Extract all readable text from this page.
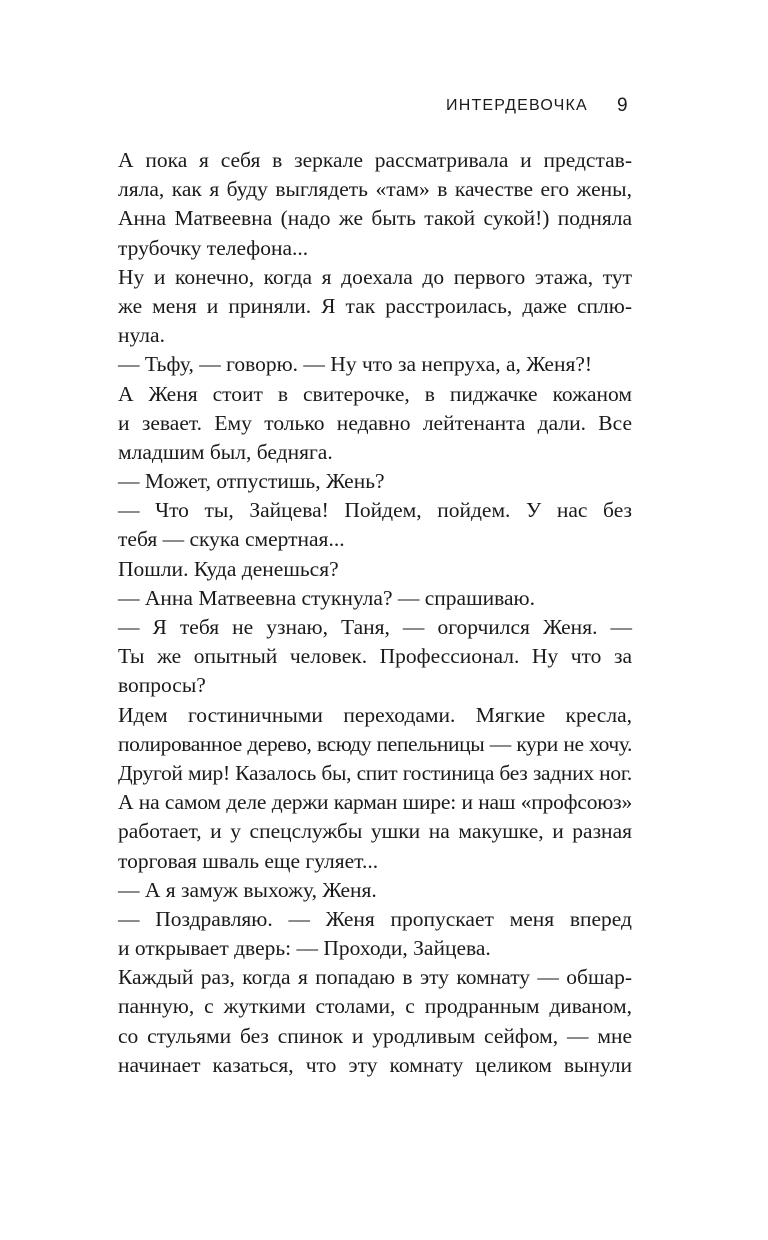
ИНТЕРДЕВОЧКА 9
А пока я себя в зеркале рассматривала и представ-
ляла, как я буду выглядеть «там» в качестве его жены,
Анна Матвеевна (надо же быть такой сукой!) подняла
трубочку телефона...
Ну и конечно, когда я доехала до первого этажа, тут
же меня и приняли. Я так расстроилась, даже сплю-
нула.
— Тьфу, — говорю. — Ну что за непруха, а, Женя?!
А Женя стоит в свитерочке, в пиджачке кожаном
и зевает. Ему только недавно лейтенанта дали. Все
младшим был, бедняга.
— Может, отпустишь, Жень?
— Что ты, Зайцева! Пойдем, пойдем. У нас без
тебя — скука смертная...
Пошли. Куда денешься?
— Анна Матвеевна стукнула? — спрашиваю.
— Я тебя не узнаю, Таня, — огорчился Женя. —
Ты же опытный человек. Профессионал. Ну что за
вопросы?
Идем гостиничными переходами. Мягкие кресла,
полированное дерево, всюду пепельницы — кури не хочу.
Другой мир! Казалось бы, спит гостиница без задних ног.
А на самом деле держи карман шире: и наш «профсоюз»
работает, и у спецслужбы ушки на макушке, и разная
торговая шваль еще гуляет...
— А я замуж выхожу, Женя.
— Поздравляю. — Женя пропускает меня вперед
и открывает дверь: — Проходи, Зайцева.
Каждый раз, когда я попадаю в эту комнату — обшар-
панную, с жуткими столами, с продранным диваном,
со стульями без спинок и уродливым сейфом, — мне
начинает казаться, что эту комнату целиком вынули
